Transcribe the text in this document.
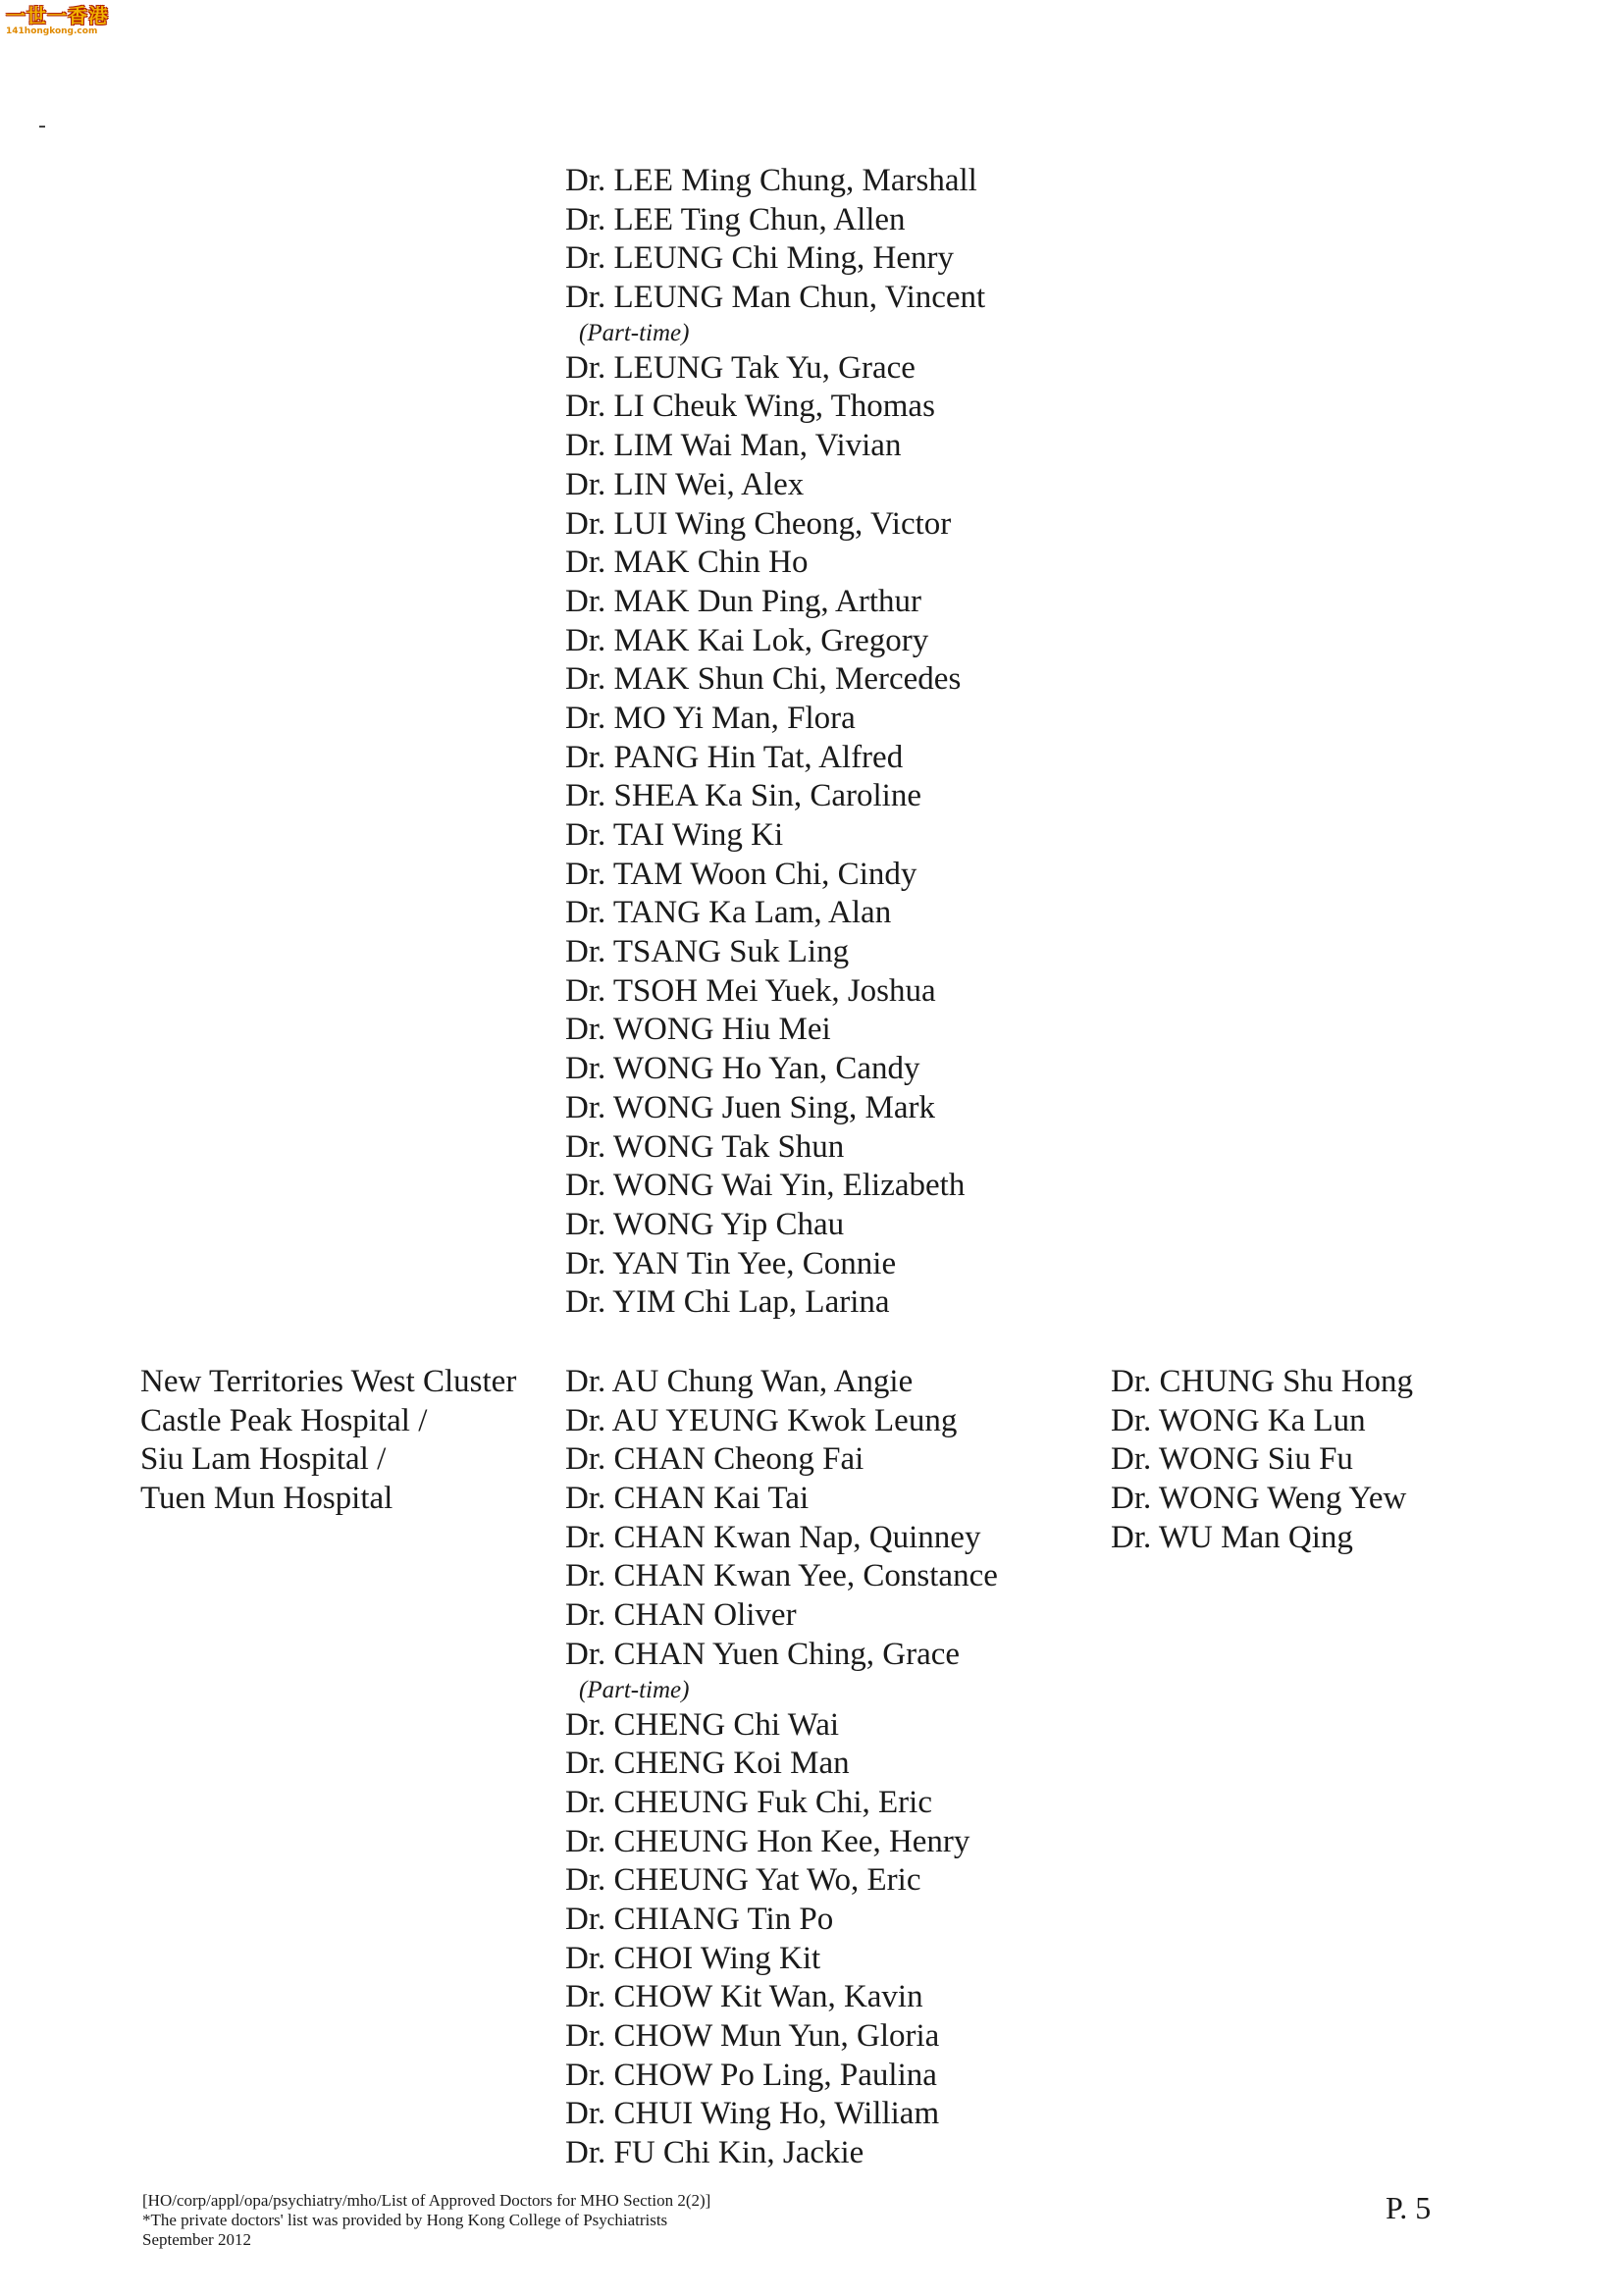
一世一香港
141hongkong.com
Dr. LEE Ming Chung, Marshall
Dr. LEE Ting Chun, Allen
Dr. LEUNG Chi Ming, Henry
Dr. LEUNG Man Chun, Vincent
(Part-time)
Dr. LEUNG Tak Yu, Grace
Dr. LI Cheuk Wing, Thomas
Dr. LIM Wai Man, Vivian
Dr. LIN Wei, Alex
Dr. LUI Wing Cheong, Victor
Dr. MAK Chin Ho
Dr. MAK Dun Ping, Arthur
Dr. MAK Kai Lok, Gregory
Dr. MAK Shun Chi, Mercedes
Dr. MO Yi Man, Flora
Dr. PANG Hin Tat, Alfred
Dr. SHEA Ka Sin, Caroline
Dr. TAI Wing Ki
Dr. TAM Woon Chi, Cindy
Dr. TANG Ka Lam, Alan
Dr. TSANG Suk Ling
Dr. TSOH Mei Yuek, Joshua
Dr. WONG Hiu Mei
Dr. WONG Ho Yan, Candy
Dr. WONG Juen Sing, Mark
Dr. WONG Tak Shun
Dr. WONG Wai Yin, Elizabeth
Dr. WONG Yip Chau
Dr. YAN Tin Yee, Connie
Dr. YIM Chi Lap, Larina
New Territories West Cluster
Castle Peak Hospital /
Siu Lam Hospital /
Tuen Mun Hospital
Dr. AU Chung Wan, Angie
Dr. AU YEUNG Kwok Leung
Dr. CHAN Cheong Fai
Dr. CHAN Kai Tai
Dr. CHAN Kwan Nap, Quinney
Dr. CHAN Kwan Yee, Constance
Dr. CHAN Oliver
Dr. CHAN Yuen Ching, Grace
(Part-time)
Dr. CHENG Chi Wai
Dr. CHENG Koi Man
Dr. CHEUNG Fuk Chi, Eric
Dr. CHEUNG Hon Kee, Henry
Dr. CHEUNG Yat Wo, Eric
Dr. CHIANG Tin Po
Dr. CHOI Wing Kit
Dr. CHOW Kit Wan, Kavin
Dr. CHOW Mun Yun, Gloria
Dr. CHOW Po Ling, Paulina
Dr. CHUI Wing Ho, William
Dr. FU Chi Kin, Jackie
Dr. CHUNG Shu Hong
Dr. WONG Ka Lun
Dr. WONG Siu Fu
Dr. WONG Weng Yew
Dr. WU Man Qing
[HO/corp/appl/opa/psychiatry/mho/List of Approved Doctors for MHO Section 2(2)]
*The private doctors' list was provided by Hong Kong College of Psychiatrists
September 2012
P. 5
